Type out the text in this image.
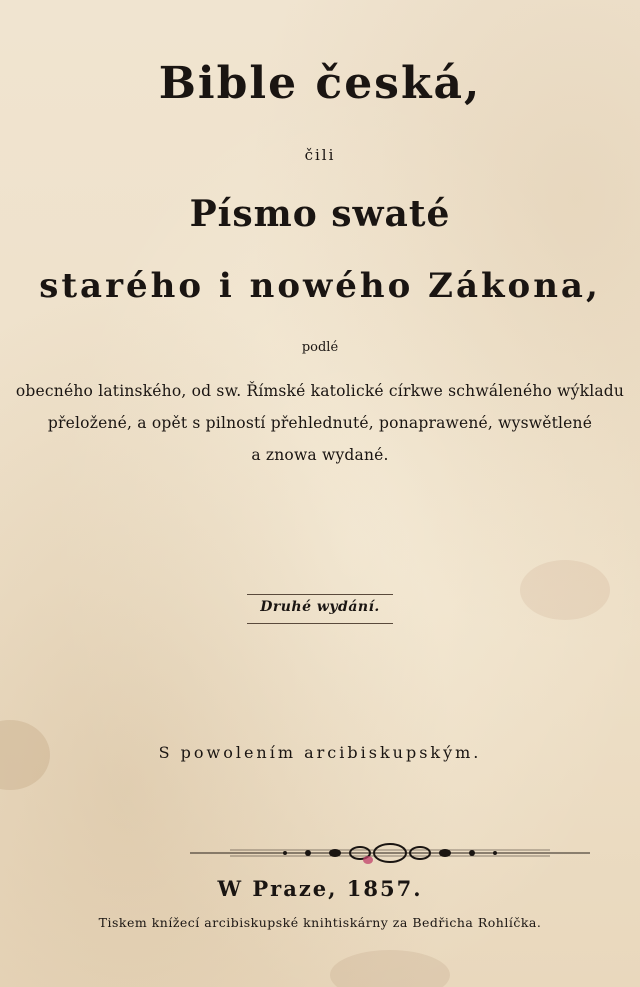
Bible česká,
čili
Písmo swaté
starého i nowého Zákona,
podlé
obecného latinského, od sw. Římské katolické církwe schwáleného wýkladu
přeložené, a opět s pilností přehlednuté, ponaprawené, wyswětlené
a znowa wydané.
Druhé wydání.
S powolením arcibiskupským.
W Praze, 1857.
Tiskem knížecí arcibiskupské knihtiskárny za Bedřicha Rohlíčka.
